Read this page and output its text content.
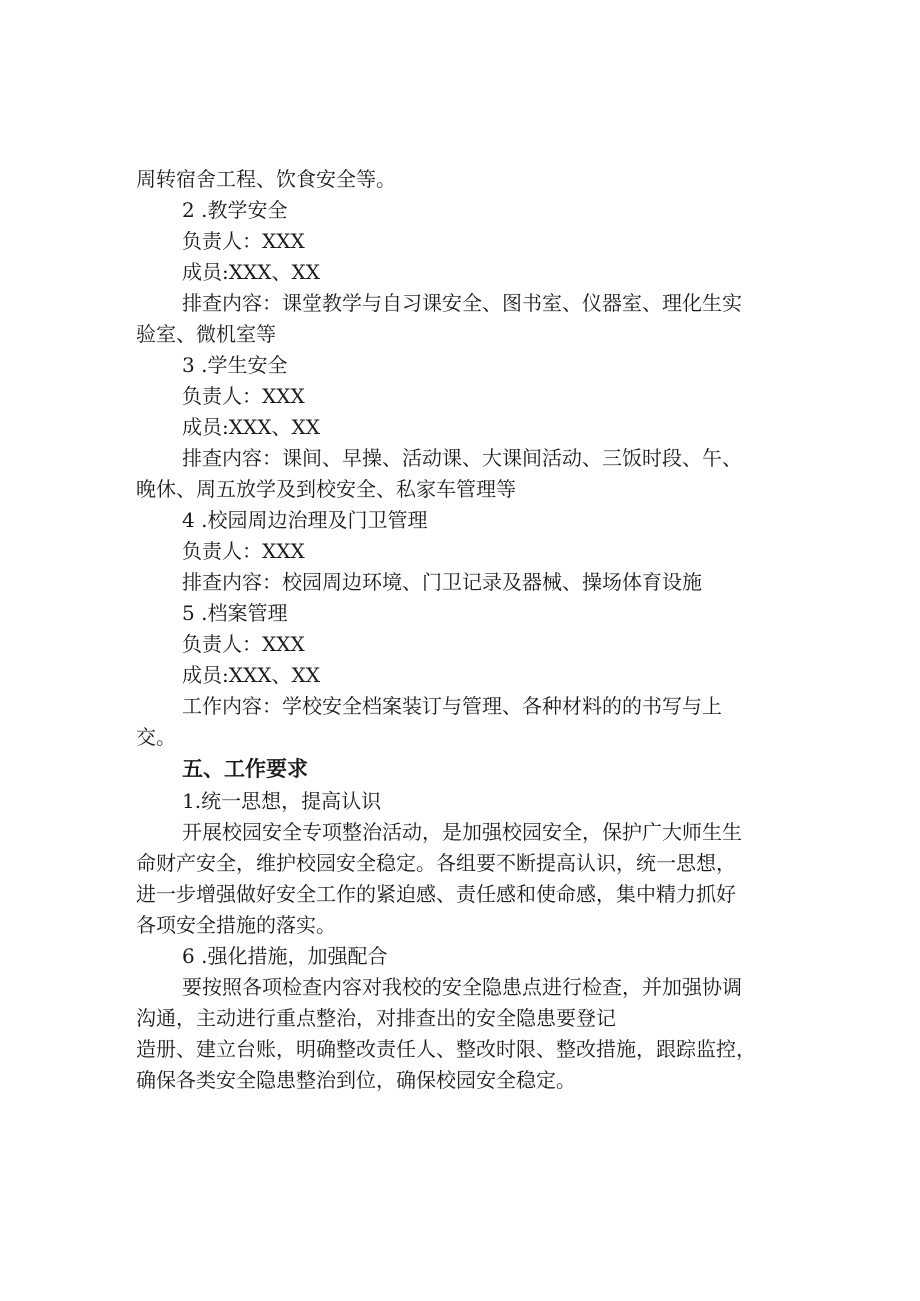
周转宿舍工程、饮食安全等。
2 .教学安全
负责人：XXX
成员:XXX、XX
排查内容：课堂教学与自习课安全、图书室、仪器室、理化生实
验室、微机室等
3 .学生安全
负责人：XXX
成员:XXX、XX
排查内容：课间、早操、活动课、大课间活动、三饭时段、午、
晚休、周五放学及到校安全、私家车管理等
4 .校园周边治理及门卫管理
负责人：XXX
排查内容：校园周边环境、门卫记录及器械、操场体育设施
5 .档案管理
负责人：XXX
成员:XXX、XX
工作内容：学校安全档案装订与管理、各种材料的的书写与上
交。
五、工作要求
1.统一思想，提高认识
开展校园安全专项整治活动，是加强校园安全，保护广大师生生
命财产安全，维护校园安全稳定。各组要不断提高认识，统一思想，
进一步增强做好安全工作的紧迫感、责任感和使命感，集中精力抓好
各项安全措施的落实。
6 .强化措施，加强配合
要按照各项检查内容对我校的安全隐患点进行检查，并加强协调
沟通，主动进行重点整治，对排查出的安全隐患要登记
造册、建立台账，明确整改责任人、整改时限、整改措施，跟踪监控，
确保各类安全隐患整治到位，确保校园安全稳定。
